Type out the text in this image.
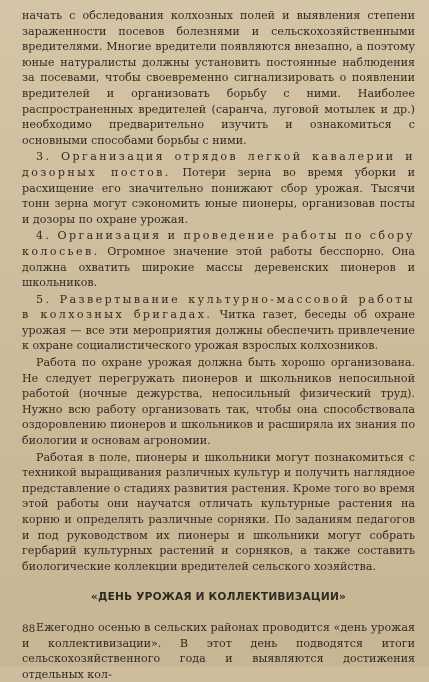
начать с обследования колхозных полей и выявления степени зараженности посевов болезнями и сельскохозяйственными вредителями. Многие вредители появляются внезапно, а поэтому юные натуралисты должны установить постоянные наблюдения за посевами, чтобы своевременно сигнализировать о появлении вредителей и организовать борьбу с ними. Наиболее распространенных вредителей (саранча, луговой мотылек и др.) необходимо предварительно изучить и ознакомиться с основными способами борьбы с ними.

3. Организация отрядов легкой кавалерии и дозорных постов. Потери зерна во время уборки и расхищение его значительно понижают сбор урожая. Тысячи тонн зерна могут сэкономить юные пионеры, организовав посты и дозоры по охране урожая.

4. Организация и проведение работы по сбору колосьев. Огромное значение этой работы бесспорно. Она должна охватить широкие массы деревенских пионеров и школьников.

5. Развертывание культурно-массовой работы в колхозных бригадах. Читка газет, беседы об охране урожая — все эти мероприятия должны обеспечить привлечение к охране социалистического урожая взрослых колхозников.

Работа по охране урожая должна быть хорошо организована. Не следует перегружать пионеров и школьников непосильной работой (ночные дежурства, непосильный физический труд). Нужно всю работу организовать так, чтобы она способствовала оздоровлению пионеров и школьников и расширяла их знания по биологии и основам агрономии.

Работая в поле, пионеры и школьники могут познакомиться с техникой выращивания различных культур и получить наглядное представление о стадиях развития растения. Кроме того во время этой работы они научатся отличать культурные растения на корню и определять различные сорняки. По заданиям педагогов и под руководством их пионеры и школьники могут собрать гербарий культурных растений и сорняков, а также составить биологические коллекции вредителей сельского хозяйства.

«ДЕНЬ УРОЖАЯ И КОЛЛЕКТИВИЗАЦИИ»

Ежегодно осенью в сельских районах проводится «день урожая и коллективизации». В этот день подводятся итоги сельскохозяйственного года и выявляются достижения отдельных кол-

88
